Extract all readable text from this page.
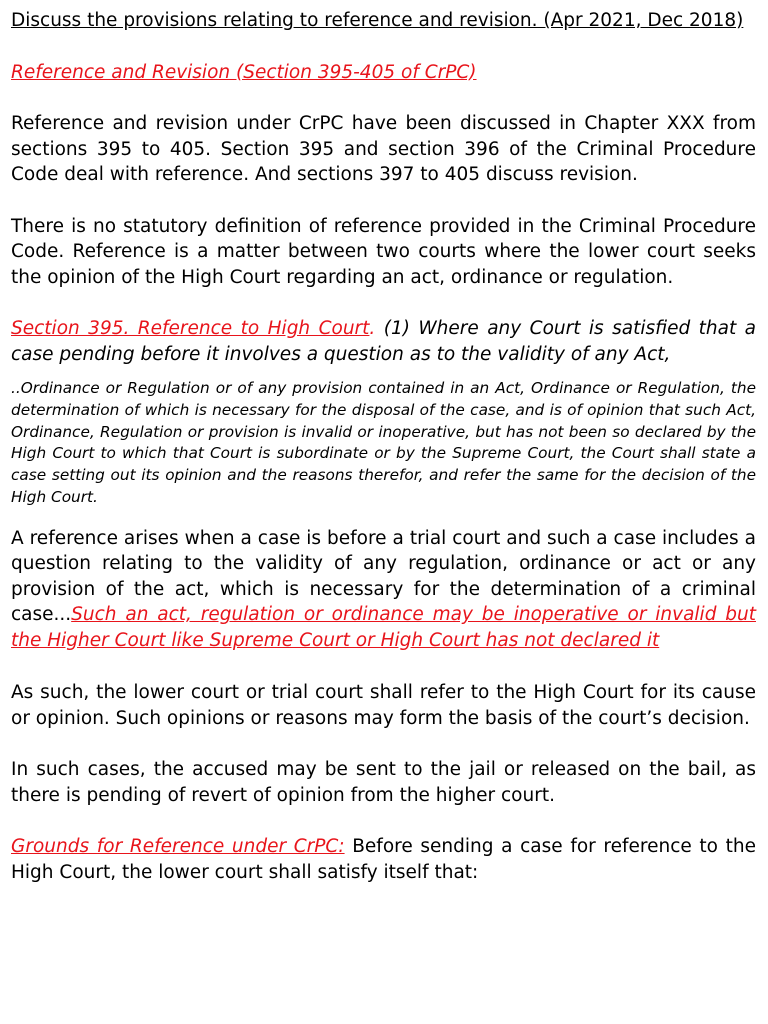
Discuss the provisions relating to reference and revision. (Apr 2021, Dec 2018)

Reference and Revision (Section 395-405 of CrPC)

Reference and revision under CrPC have been discussed in Chapter XXX from sections 395 to 405. Section 395 and section 396 of the Criminal Procedure Code deal with reference. And sections 397 to 405 discuss revision.

There is no statutory definition of reference provided in the Criminal Procedure Code. Reference is a matter between two courts where the lower court seeks the opinion of the High Court regarding an act, ordinance or regulation.

Section 395. Reference to High Court. (1) Where any Court is satisfied that a case pending before it involves a question as to the validity of any Act,

..Ordinance or Regulation or of any provision contained in an Act, Ordinance or Regulation, the determination of which is necessary for the disposal of the case, and is of opinion that such Act, Ordinance, Regulation or provision is invalid or inoperative, but has not been so declared by the High Court to which that Court is subordinate or by the Supreme Court, the Court shall state a case setting out its opinion and the reasons therefor, and refer the same for the decision of the High Court.

A reference arises when a case is before a trial court and such a case includes a question relating to the validity of any regulation, ordinance or act or any provision of the act, which is necessary for the determination of a criminal case...Such an act, regulation or ordinance may be inoperative or invalid but the Higher Court like Supreme Court or High Court has not declared it

As such, the lower court or trial court shall refer to the High Court for its cause or opinion. Such opinions or reasons may form the basis of the court’s decision.

In such cases, the accused may be sent to the jail or released on the bail, as there is pending of revert of opinion from the higher court.

Grounds for Reference under CrPC: Before sending a case for reference to the High Court, the lower court shall satisfy itself that:
